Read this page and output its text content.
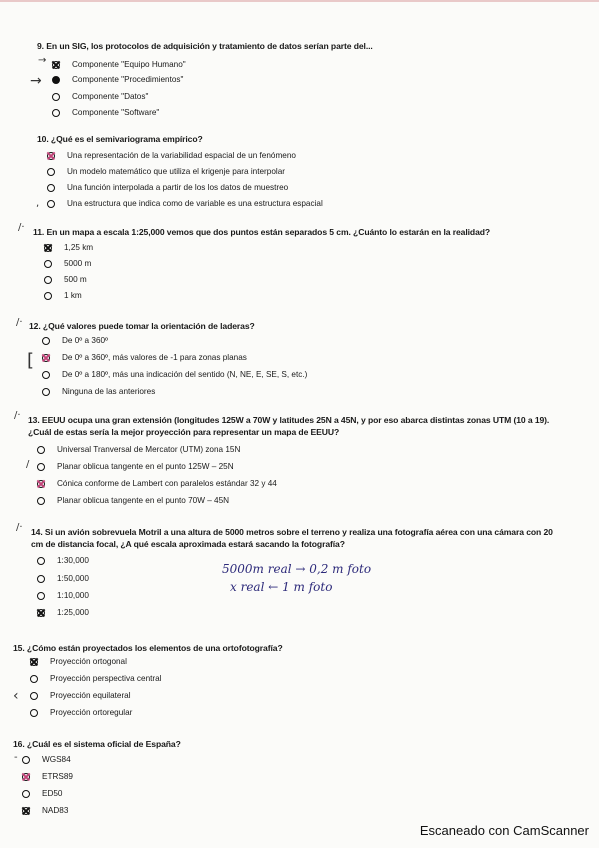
9. En un SIG, los protocolos de adquisición y tratamiento de datos serían parte del...
→	Componente "Equipo Humano"
→	Componente "Procedimientos"
Componente "Datos"
Componente "Software"
10. ¿Qué es el semivariograma empírico?
Una representación de la variabilidad espacial de un fenómeno
Un modelo matemático que utiliza el krigenje para interpolar
Una función interpolada a partir de los los datos de muestreo
,	Una estructura que indica como de variable es una estructura espacial
/· 11. En un mapa a escala 1:25,000 vemos que dos puntos están separados 5 cm. ¿Cuánto lo estarán en la realidad?
1,25 km
5000 m
500 m
1 km
/· 12. ¿Qué valores puede tomar la orientación de laderas?
De 0º a 360º
[	De 0º a 360º, más valores de -1 para zonas planas
De 0º a 180º, más una indicación del sentido (N, NE, E, SE, S, etc.)
Ninguna de las anteriores
/· 13. EEUU ocupa una gran extensión (longitudes 125W a 70W y latitudes 25N a 45N, y por eso abarca distintas zonas UTM (10 a 19). ¿Cuál de estas sería la mejor proyección para representar un mapa de EEUU?
Universal Tranversal de Mercator (UTM) zona 15N
/	Planar oblicua tangente en el punto 125W – 25N
Cónica conforme de Lambert con paralelos estándar 32 y 44
Planar oblicua tangente en el punto 70W – 45N
/· 14. Si un avión sobrevuela Motril a una altura de 5000 metros sobre el terreno y realiza una fotografía aérea con una cámara con 20 cm de distancia focal, ¿A qué escala aproximada estará sacando la fotografía?
1:30,000
1:50,000
1:10,000
1:25,000
5000m real → 0,2 m foto
x real ← 1 m foto
15. ¿Cómo están proyectados los elementos de una ortofotografía?
Proyección ortogonal
Proyección perspectiva central
‹	Proyección equilateral
Proyección ortoregular
16. ¿Cuál es el sistema oficial de España?
-	WGS84
ETRS89
ED50
NAD83
Escaneado con CamScanner
